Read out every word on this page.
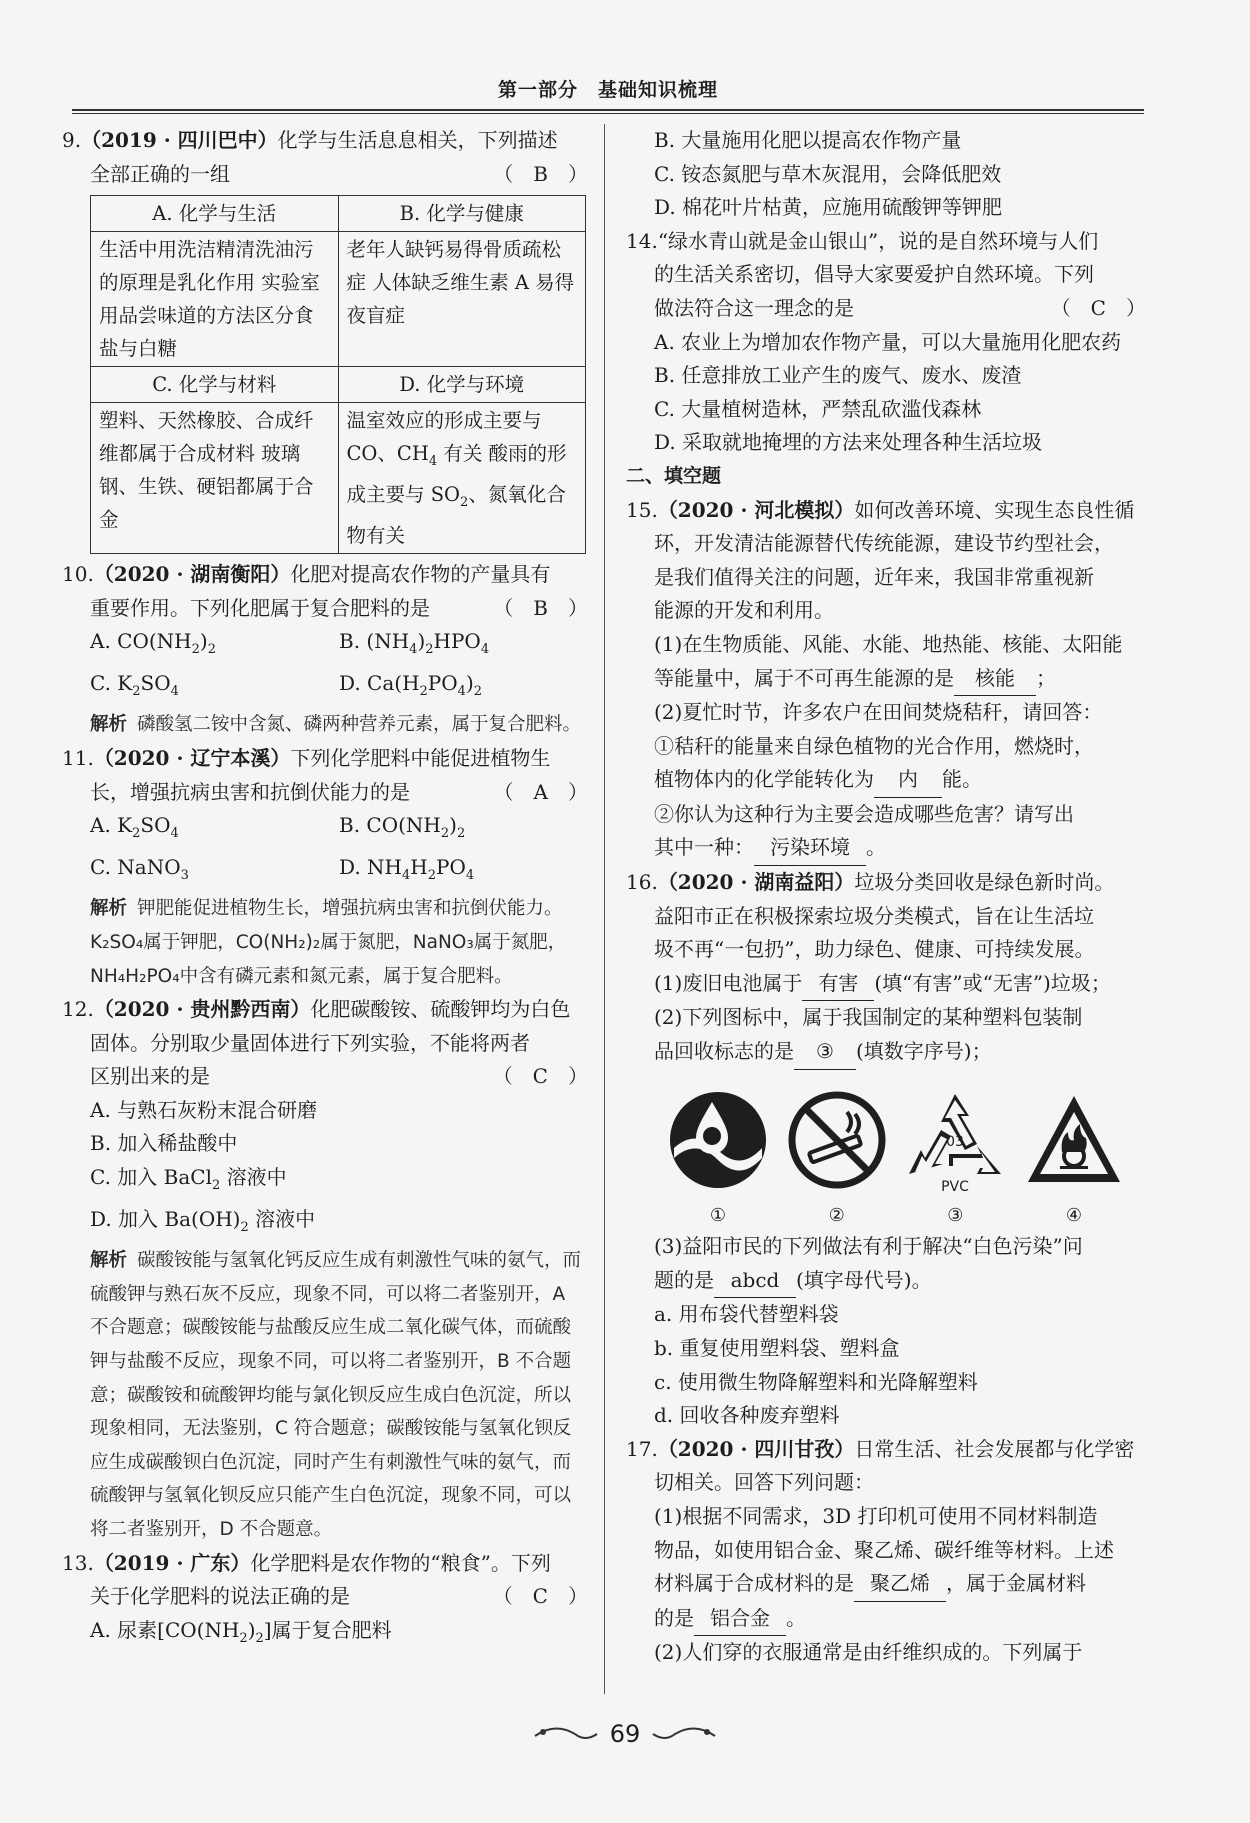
第一部分　基础知识梳理

9.（2019 · 四川巴中）化学与生活息息相关，下列描述

全部正确的一组	（　B　）

A. 化学与生活	B. 化学与健康
生活中用洗洁精清洗油污的原理是乳化作用 实验室用品尝味道的方法区分食盐与白糖	老年人缺钙易得骨质疏松症 人体缺乏维生素 A 易得夜盲症
C. 化学与材料	D. 化学与环境
塑料、天然橡胶、合成纤维都属于合成材料 玻璃钢、生铁、硬铝都属于合金	温室效应的形成主要与 CO、$CH_4$ 有关 酸雨的形成主要与 $SO_2$、氮氧化合物有关

10.（2020 · 湖南衡阳）化肥对提高农作物的产量具有

重要作用。下列化肥属于复合肥料的是	（　B　）

A. $CO(NH_2)_2$	B. $(NH_4)_2HPO_4$

C. $K_2SO_4$	D. $Ca(H_2PO_4)_2$

解析 磷酸氢二铵中含氮、磷两种营养元素，属于复合肥料。

11.（2020 · 辽宁本溪）下列化学肥料中能促进植物生

长，增强抗病虫害和抗倒伏能力的是	（　A　）

A. $K_2SO_4$	B. $CO(NH_2)_2$

C. NaNO$_3$	D. $NH_4H_2PO_4$

解析 钾肥能促进植物生长，增强抗病虫害和抗倒伏能力。K₂SO₄属于钾肥，CO(NH₂)₂属于氮肥，NaNO₃属于氮肥，NH₄H₂PO₄中含有磷元素和氮元素，属于复合肥料。

12.（2020 · 贵州黔西南）化肥碳酸铵、硫酸钾均为白色

固体。分别取少量固体进行下列实验，不能将两者

区别出来的是	（　C　）

A. 与熟石灰粉末混合研磨

B. 加入稀盐酸中

C. 加入 BaCl$_2$ 溶液中

D. 加入 $Ba(OH)_2$ 溶液中

解析 碳酸铵能与氢氧化钙反应生成有刺激性气味的氨气，而硫酸钾与熟石灰不反应，现象不同，可以将二者鉴别开，A 不合题意；碳酸铵能与盐酸反应生成二氧化碳气体，而硫酸钾与盐酸不反应，现象不同，可以将二者鉴别开，B 不合题意；碳酸铵和硫酸钾均能与氯化钡反应生成白色沉淀，所以现象相同，无法鉴别，C 符合题意；碳酸铵能与氢氧化钡反应生成碳酸钡白色沉淀，同时产生有刺激性气味的氨气，而硫酸钾与氢氧化钡反应只能产生白色沉淀，现象不同，可以将二者鉴别开，D 不合题意。

13.（2019 · 广东）化学肥料是农作物的“粮食”。下列

关于化学肥料的说法正确的是	（　C　）

A. 尿素$[CO(NH_2)_2]$属于复合肥料

B. 大量施用化肥以提高农作物产量

C. 铵态氮肥与草木灰混用，会降低肥效

D. 棉花叶片枯黄，应施用硫酸钾等钾肥

14.“绿水青山就是金山银山”，说的是自然环境与人们

的生活关系密切，倡导大家要爱护自然环境。下列

做法符合这一理念的是	（　C　）

A. 农业上为增加农作物产量，可以大量施用化肥农药

B. 任意排放工业产生的废气、废水、废渣

C. 大量植树造林，严禁乱砍滥伐森林

D. 采取就地掩埋的方法来处理各种生活垃圾

二、填空题

15.（2020 · 河北模拟）如何改善环境、实现生态良性循

环，开发清洁能源替代传统能源，建设节约型社会，

是我们值得关注的问题，近年来，我国非常重视新

能源的开发和利用。

(1)在生物质能、风能、水能、地热能、核能、太阳能

等能量中，属于不可再生能源的是 核能 ；

(2)夏忙时节，许多农户在田间焚烧秸秆，请回答：

①秸秆的能量来自绿色植物的光合作用，燃烧时，

植物体内的化学能转化为 内 能。

②你认为这种行为主要会造成哪些危害？请写出

其中一种： 污染环境 。

16.（2020 · 湖南益阳）垃圾分类回收是绿色新时尚。

益阳市正在积极探索垃圾分类模式，旨在让生活垃

圾不再“一包扔”，助力绿色、健康、可持续发展。

(1)废旧电池属于 有害 (填“有害”或“无害”)垃圾；

(2)下列图标中，属于我国制定的某种塑料包装制

品回收标志的是 ③ (填数字序号)；

①	②
03
PVC
③	④

(3)益阳市民的下列做法有利于解决“白色污染”问

题的是 abcd (填字母代号)。

a. 用布袋代替塑料袋

b. 重复使用塑料袋、塑料盒

c. 使用微生物降解塑料和光降解塑料

d. 回收各种废弃塑料

17.（2020 · 四川甘孜）日常生活、社会发展都与化学密

切相关。回答下列问题：

(1)根据不同需求，3D 打印机可使用不同材料制造

物品，如使用铝合金、聚乙烯、碳纤维等材料。上述

材料属于合成材料的是 聚乙烯 ，属于金属材料

的是 铝合金 。

(2)人们穿的衣服通常是由纤维织成的。下列属于

69
